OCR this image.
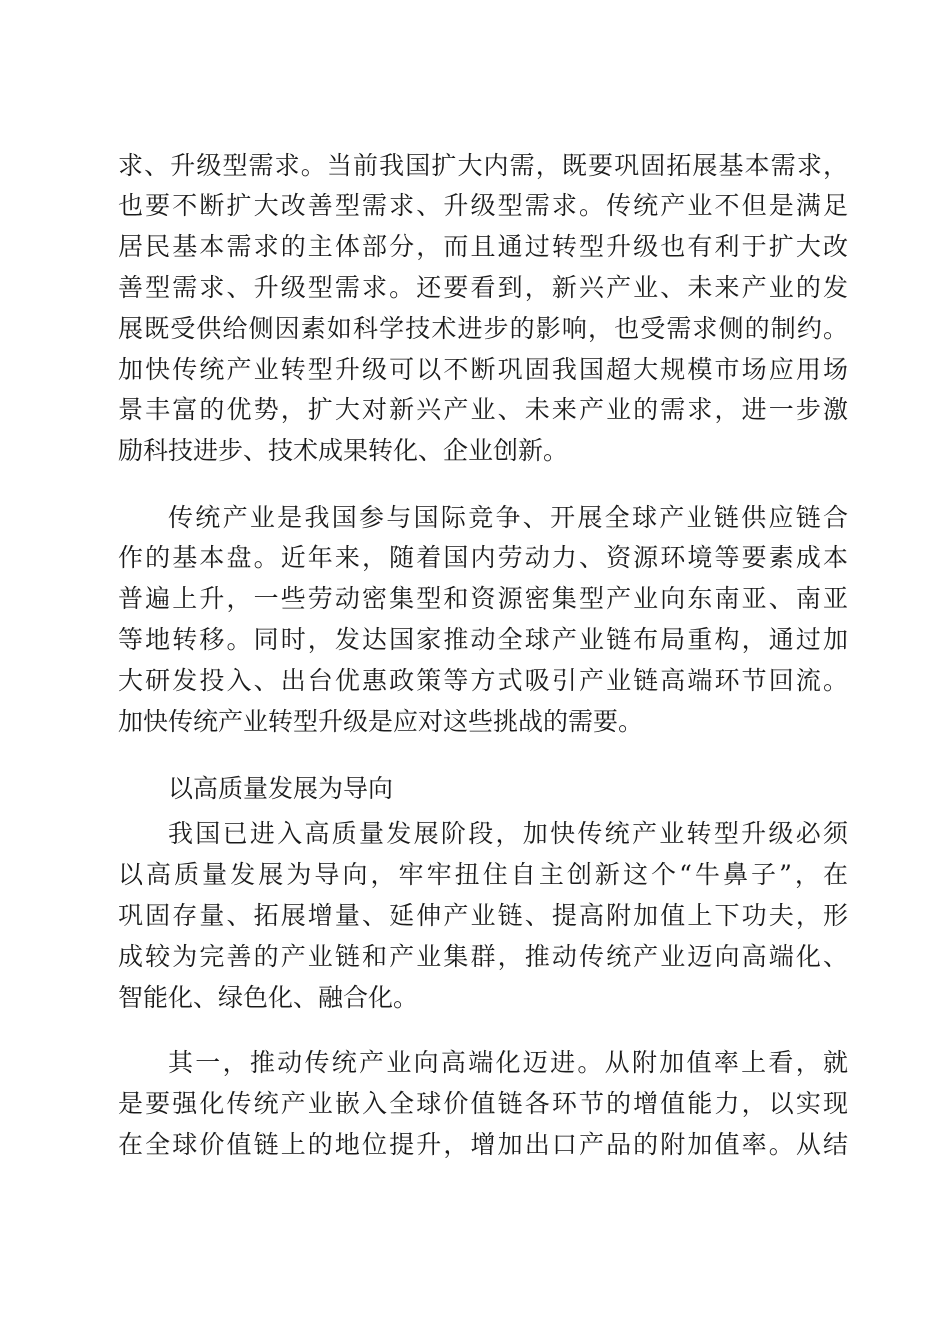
求、升级型需求。当前我国扩大内需，既要巩固拓展基本需求，
也要不断扩大改善型需求、升级型需求。传统产业不但是满足
居民基本需求的主体部分，而且通过转型升级也有利于扩大改
善型需求、升级型需求。还要看到，新兴产业、未来产业的发
展既受供给侧因素如科学技术进步的影响，也受需求侧的制约。
加快传统产业转型升级可以不断巩固我国超大规模市场应用场
景丰富的优势，扩大对新兴产业、未来产业的需求，进一步激
励科技进步、技术成果转化、企业创新。
传统产业是我国参与国际竞争、开展全球产业链供应链合
作的基本盘。近年来，随着国内劳动力、资源环境等要素成本
普遍上升，一些劳动密集型和资源密集型产业向东南亚、南亚
等地转移。同时，发达国家推动全球产业链布局重构，通过加
大研发投入、出台优惠政策等方式吸引产业链高端环节回流。
加快传统产业转型升级是应对这些挑战的需要。
以高质量发展为导向
我国已进入高质量发展阶段，加快传统产业转型升级必须
以高质量发展为导向，牢牢扭住自主创新这个“牛鼻子”，在
巩固存量、拓展增量、延伸产业链、提高附加值上下功夫，形
成较为完善的产业链和产业集群，推动传统产业迈向高端化、
智能化、绿色化、融合化。
其一，推动传统产业向高端化迈进。从附加值率上看，就
是要强化传统产业嵌入全球价值链各环节的增值能力，以实现
在全球价值链上的地位提升，增加出口产品的附加值率。从结
